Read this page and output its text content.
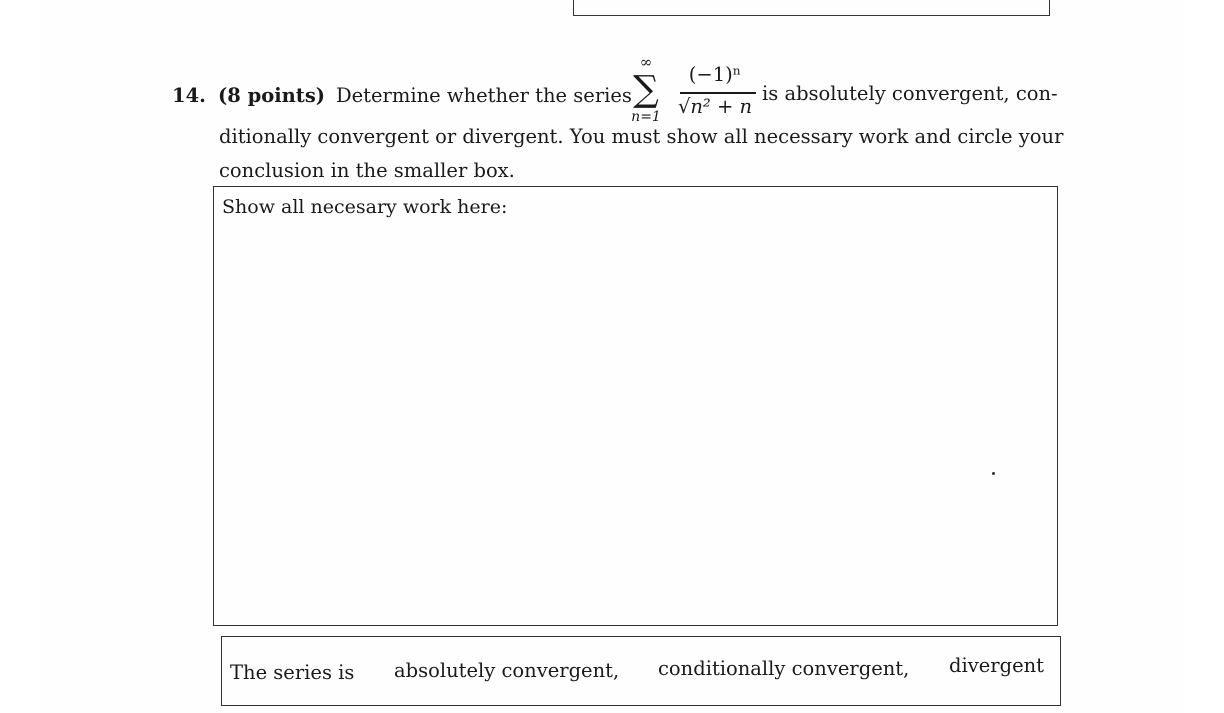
14. (8 points) Determine whether the series
∞
∑
n=1
(−1)ⁿ
√n² + n
is absolutely convergent, con-
ditionally convergent or divergent. You must show all necessary work and circle your conclusion in the smaller box.
Show all necesary work here:
The series is absolutely convergent, conditionally convergent, divergent
